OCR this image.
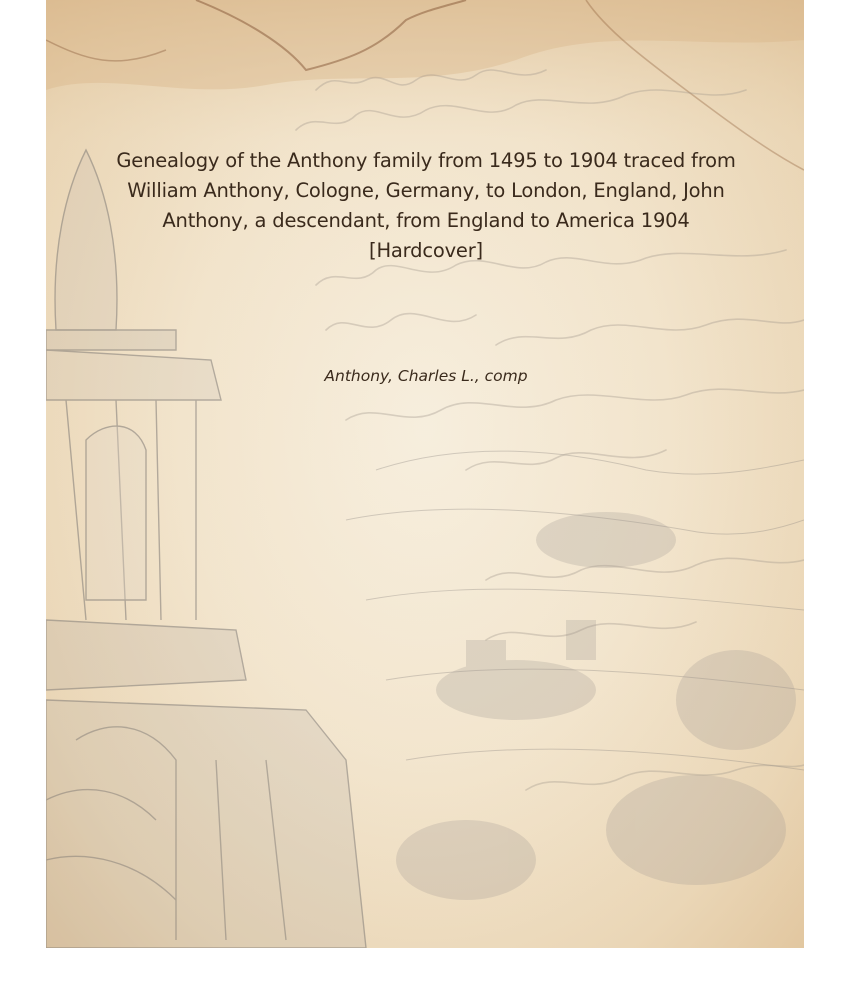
Genealogy of the Anthony family from 1495 to 1904 traced from William Anthony, Cologne, Germany, to London, England, John Anthony, a descendant, from England to America 1904 [Hardcover]

Anthony, Charles L., comp
